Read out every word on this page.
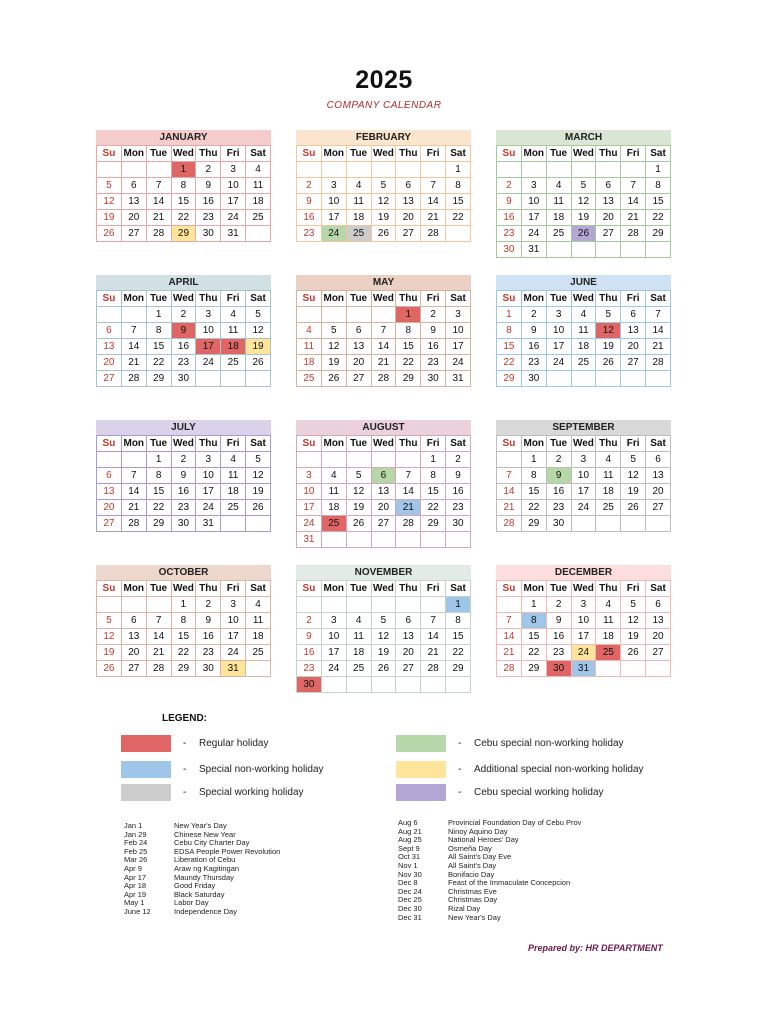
2025
COMPANY CALENDAR
JANUARY
Su	Mon	Tue	Wed	Thu	Fri	Sat
			1	2	3	4
5	6	7	8	9	10	11
12	13	14	15	16	17	18
19	20	21	22	23	24	25
26	27	28	29	30	31	
FEBRUARY
Su	Mon	Tue	Wed	Thu	Fri	Sat
						1
2	3	4	5	6	7	8
9	10	11	12	13	14	15
16	17	18	19	20	21	22
23	24	25	26	27	28	
MARCH
Su	Mon	Tue	Wed	Thu	Fri	Sat
						1
2	3	4	5	6	7	8
9	10	11	12	13	14	15
16	17	18	19	20	21	22
23	24	25	26	27	28	29
30	31					
APRIL
Su	Mon	Tue	Wed	Thu	Fri	Sat
		1	2	3	4	5
6	7	8	9	10	11	12
13	14	15	16	17	18	19
20	21	22	23	24	25	26
27	28	29	30			
MAY
Su	Mon	Tue	Wed	Thu	Fri	Sat
				1	2	3
4	5	6	7	8	9	10
11	12	13	14	15	16	17
18	19	20	21	22	23	24
25	26	27	28	29	30	31
JUNE
Su	Mon	Tue	Wed	Thu	Fri	Sat
1	2	3	4	5	6	7
8	9	10	11	12	13	14
15	16	17	18	19	20	21
22	23	24	25	26	27	28
29	30					
JULY
Su	Mon	Tue	Wed	Thu	Fri	Sat
		1	2	3	4	5
6	7	8	9	10	11	12
13	14	15	16	17	18	19
20	21	22	23	24	25	26
27	28	29	30	31		
AUGUST
Su	Mon	Tue	Wed	Thu	Fri	Sat
					1	2
3	4	5	6	7	8	9
10	11	12	13	14	15	16
17	18	19	20	21	22	23
24	25	26	27	28	29	30
31						
SEPTEMBER
Su	Mon	Tue	Wed	Thu	Fri	Sat
	1	2	3	4	5	6
7	8	9	10	11	12	13
14	15	16	17	18	19	20
21	22	23	24	25	26	27
28	29	30				
OCTOBER
Su	Mon	Tue	Wed	Thu	Fri	Sat
			1	2	3	4
5	6	7	8	9	10	11
12	13	14	15	16	17	18
19	20	21	22	23	24	25
26	27	28	29	30	31	
NOVEMBER
Su	Mon	Tue	Wed	Thu	Fri	Sat
						1
2	3	4	5	6	7	8
9	10	11	12	13	14	15
16	17	18	19	20	21	22
23	24	25	26	27	28	29
30						
DECEMBER
Su	Mon	Tue	Wed	Thu	Fri	Sat
	1	2	3	4	5	6
7	8	9	10	11	12	13
14	15	16	17	18	19	20
21	22	23	24	25	26	27
28	29	30	31			
LEGEND:
- Regular holiday	- Cebu special non-working holiday
- Special non-working holiday	- Additional special non-working holiday
- Special working holiday	- Cebu special working holiday
Jan 1	New Year's Day
Jan 29	Chinese New Year
Feb 24	Cebu City Charter Day
Feb 25	EDSA People Power Revolution
Mar 26	Liberation of Cebu
Apr 9	Araw ng Kagitingan
Apr 17	Maundy Thursday
Apr 18	Good Friday
Apr 19	Black Saturday
May 1	Labor Day
June 12	Independence Day
Aug 6	Provincial Foundation Day of Cebu Prov
Aug 21	Ninoy Aquino Day
Aug 25	National Heroes' Day
Sept 9	Osmeña Day
Oct 31	All Saint's Day Eve
Nov 1	All Saint's Day
Nov 30	Bonifacio Day
Dec 8	Feast of the Immaculate Concepcion
Dec 24	Christmas Eve
Dec 25	Christmas Day
Dec 30	Rizal Day
Dec 31	New Year's Day
Prepared by: HR DEPARTMENT
